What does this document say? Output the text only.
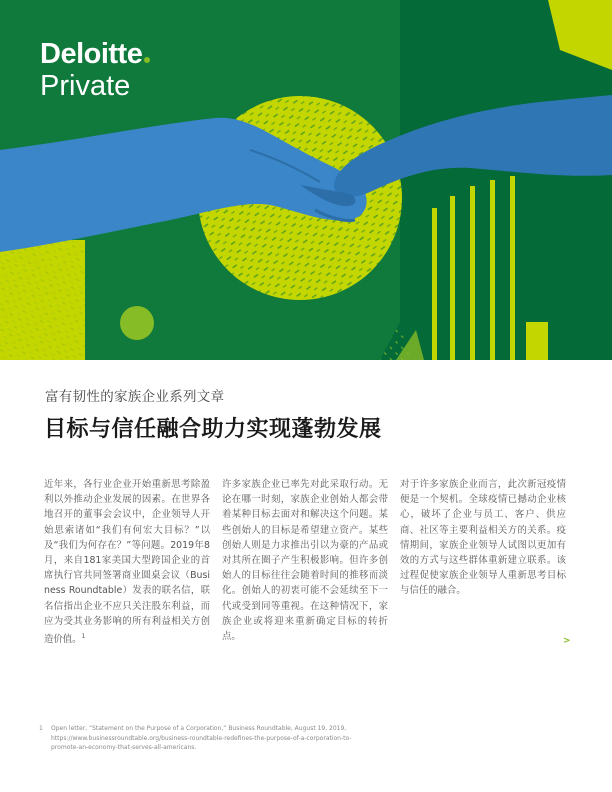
Deloitte
Private
富有韧性的家族企业系列文章
目标与信任融合助力实现蓬勃发展
近年来，各行业企业开始重新思考除盈利以外推动企业发展的因素。在世界各地召开的董事会会议中，企业领导人开始思索诸如“我们有何宏大目标？”以及“我们为何存在？”等问题。2019年8月，来自181家美国大型跨国企业的首席执行官共同签署商业圆桌会议（Business Roundtable）发表的联名信，联名信指出企业不应只关注股东利益，而应为受其业务影响的所有利益相关方创造价值。$^1$
许多家族企业已率先对此采取行动。无论在哪一时刻，家族企业创始人都会带着某种目标去面对和解决这个问题。某些创始人的目标是希望建立资产。某些创始人则是力求推出引以为豪的产品或对其所在圈子产生积极影响。但许多创始人的目标往往会随着时间的推移而淡化。创始人的初衷可能不会延续至下一代或受到同等重视。在这种情况下，家族企业或将迎来重新确定目标的转折点。
对于许多家族企业而言，此次新冠疫情便是一个契机。全球疫情已撼动企业核心，破坏了企业与员工、客户、供应商、社区等主要利益相关方的关系。疫情期间，家族企业领导人试图以更加有效的方式与这些群体重新建立联系。该过程促使家族企业领导人重新思考目标与信任的融合。
>
1 Open letter, “Statement on the Purpose of a Corporation,” Business Roundtable, August 19, 2019,
https://www.businessroundtable.org/business-roundtable-redefines-the-purpose-of-a-corporation-to-
promote-an-economy-that-serves-all-americans.
